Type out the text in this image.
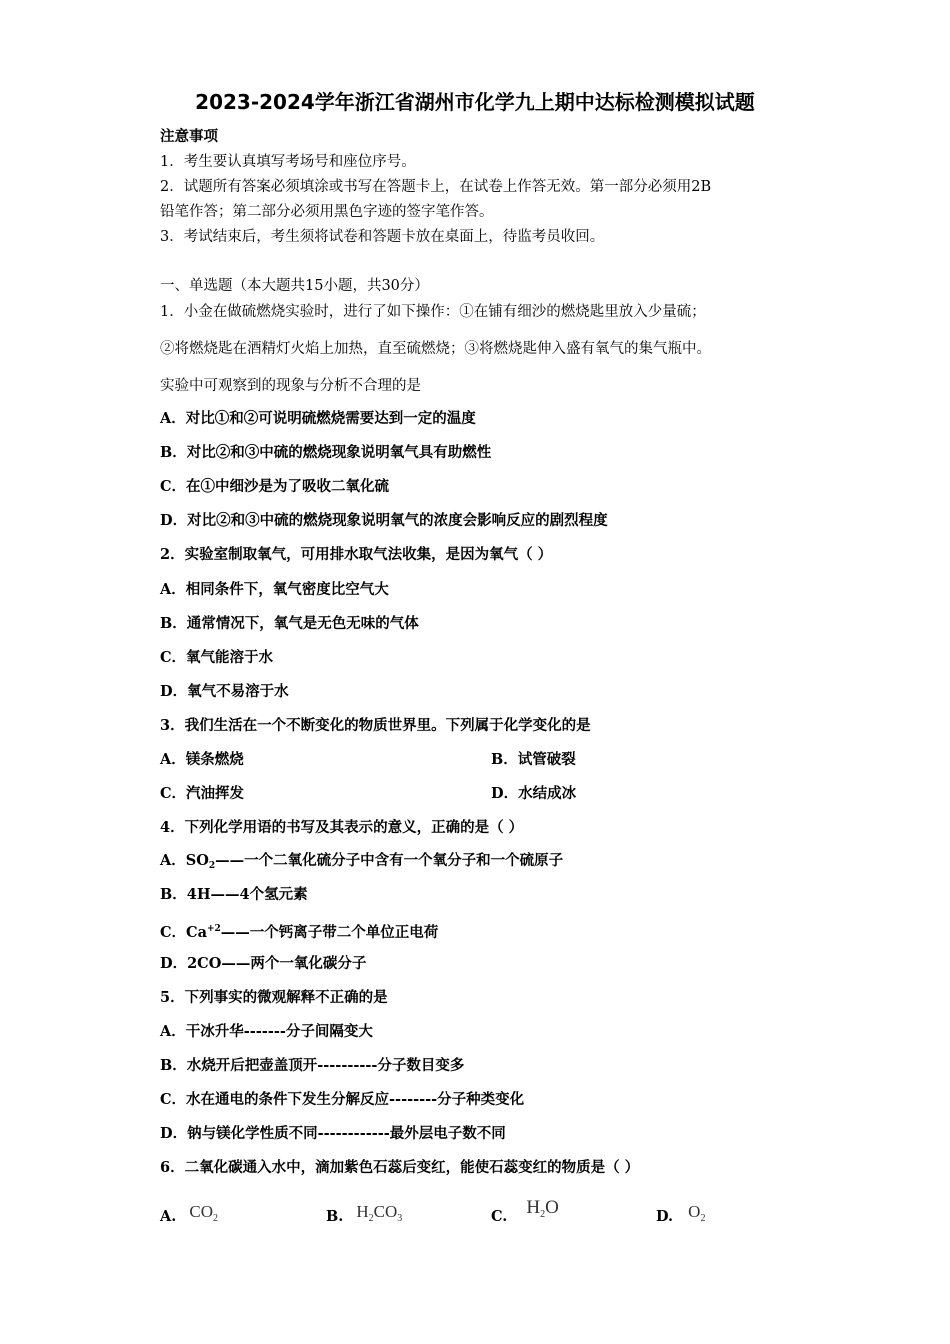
2023-2024学年浙江省湖州市化学九上期中达标检测模拟试题
注意事项
1．考生要认真填写考场号和座位序号。
2．试题所有答案必须填涂或书写在答题卡上，在试卷上作答无效。第一部分必须用2B
铅笔作答；第二部分必须用黑色字迹的签字笔作答。
3．考试结束后，考生须将试卷和答题卡放在桌面上，待监考员收回。
一、单选题（本大题共15小题，共30分）
1．小金在做硫燃烧实验时，进行了如下操作：①在铺有细沙的燃烧匙里放入少量硫；
②将燃烧匙在酒精灯火焰上加热，直至硫燃烧；③将燃烧匙伸入盛有氧气的集气瓶中。
实验中可观察到的现象与分析不合理的是
A．对比①和②可说明硫燃烧需要达到一定的温度
B．对比②和③中硫的燃烧现象说明氧气具有助燃性
C．在①中细沙是为了吸收二氧化硫
D．对比②和③中硫的燃烧现象说明氧气的浓度会影响反应的剧烈程度
2．实验室制取氧气，可用排水取气法收集，是因为氧气（ ）
A．相同条件下，氧气密度比空气大
B．通常情况下，氧气是无色无味的气体
C．氧气能溶于水
D．氧气不易溶于水
3．我们生活在一个不断变化的物质世界里。下列属于化学变化的是
A．镁条燃烧	B．试管破裂
C．汽油挥发	D．水结成冰
4．下列化学用语的书写及其表示的意义，正确的是（ ）
A．$SO_2——$一个二氧化硫分子中含有一个氧分子和一个硫原子
B．4H——4个氢元素
C．$Ca^{+2}——$一个钙离子带二个单位正电荷
D．2CO——两个一氧化碳分子
5．下列事实的微观解释不正确的是
A．干冰升华-------分子间隔变大
B．水烧开后把壶盖顶开----------分子数目变多
C．水在通电的条件下发生分解反应--------分子种类变化
D．钠与镁化学性质不同------------最外层电子数不同
6．二氧化碳通入水中，滴加紫色石蕊后变红，能使石蕊变红的物质是（ ）
A. $CO_2$	B. $H_2CO_3$	C. $H_2O$	D. $O_2$
